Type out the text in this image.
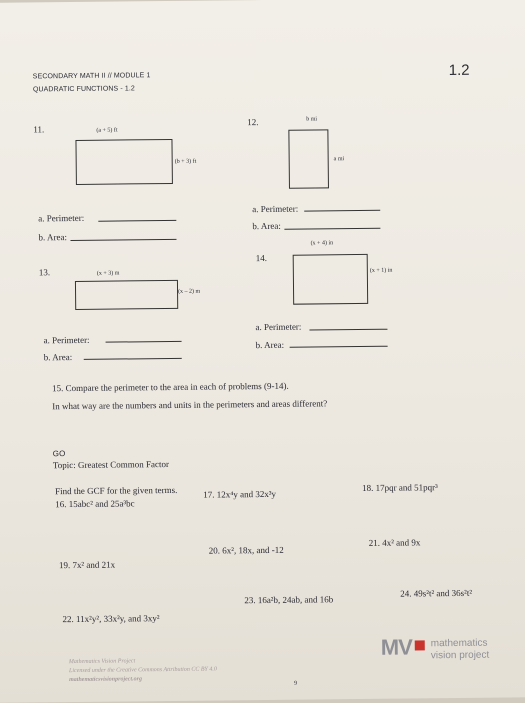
SECONDARY MATH II // MODULE 1
QUADRATIC FUNCTIONS - 1.2
1.2
11.	(a + 5) ft
(b + 3) ft
a. Perimeter:
b. Area:
12.	b mi
a mi
a. Perimeter:
b. Area:
13.	(x + 3) m
(x – 2) m
a. Perimeter:
b. Area:
14.
(x + 4) in
(x + 1) in
a. Perimeter:
b. Area:
15. Compare the perimeter to the area in each of problems (9-14).
In what way are the numbers and units in the perimeters and areas different?
GO
Topic: Greatest Common Factor
Find the GCF for the given terms.
16. 15abc² and 25a³bc
17. 12x⁴y and 32x³y
18. 17pqr and 51pqr³
19. 7x² and 21x
20. 6x², 18x, and -12
21. 4x² and 9x
22. 11x²y², 33x²y, and 3xy²
23. 16a²b, 24ab, and 16b
24. 49s²t² and 36s²t²
Mathematics Vision Project
Licensed under the Creative Commons Attribution CC BY 4.0
mathematicsvisionproject.org
9
MV mathematics
vision project
